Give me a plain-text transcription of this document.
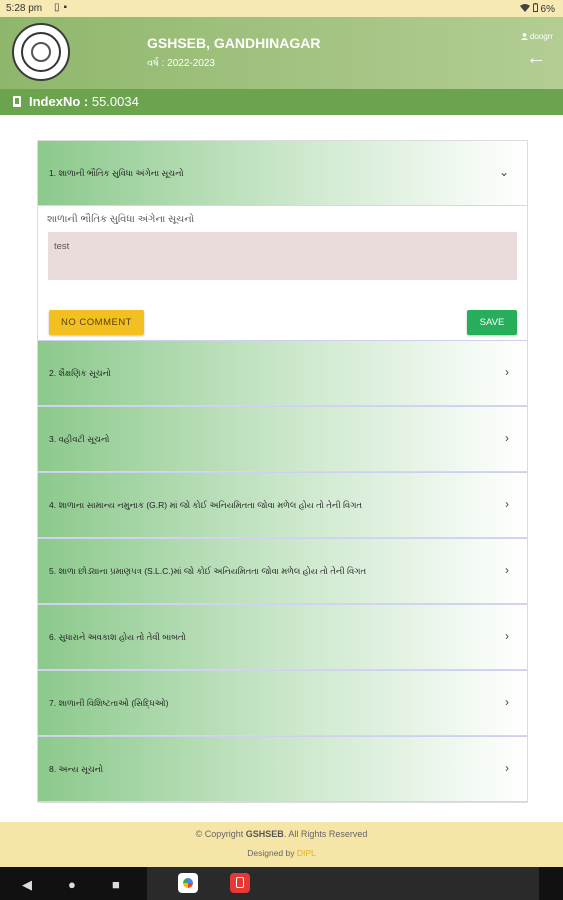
5:28 pm ▯▪	6%
GSHSEB, GANDHINAGAR
વર્ષ : 2022-2023
doogrr
←
IndexNo : 55.0034
1. શાળાની ભૌતિક સુવિધા અંગેના સૂચનો	⌄
શાળાની ભૌતિક સુવિધા અંગેના સૂચનો
test
NO COMMENT	SAVE
2. શૈક્ષણિક સૂચનો	›
3. વહીવટી સૂચનો	›
4. શાળાના સામાન્ય નમુનાક (G.R) માં જો કોઈ અનિયમિતતા જોવા મળેલ હોય તો તેની વિગત	›
5. શાળા છોડ્યાના પ્રમાણપત્ર (S.L.C.)માં જો કોઈ અનિયમિતતા જોવા મળેલ હોય તો તેની વિગત	›
6. સુધારાને અવકાશ હોય તો તેવી બાબતો	›
7. શાળાની વિશિષ્ટતાઓ (સિદ્ધિઓ)	›
8. અન્ય સૂચનો	›
© Copyright GSHSEB. All Rights Reserved
Designed by DIPL
◀	●	■
